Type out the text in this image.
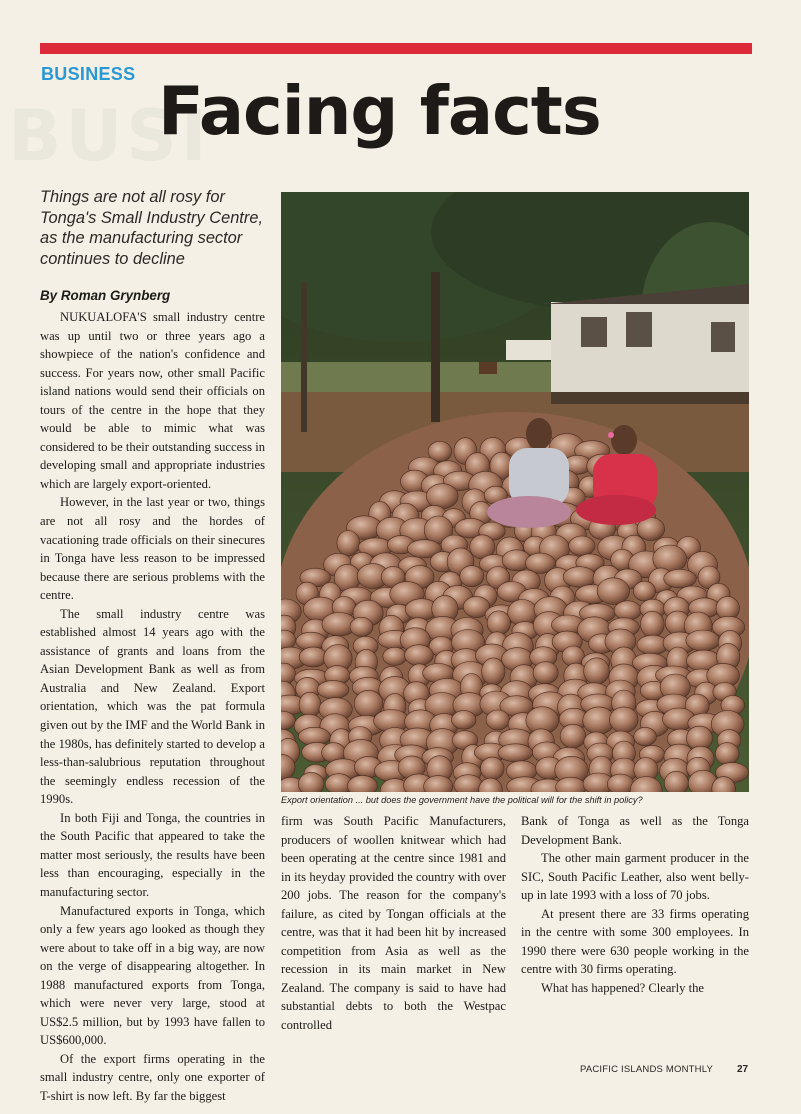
BUSI
BUSINESS Facing facts
Things are not all rosy for Tonga's Small Industry Centre, as the manufacturing sector continues to decline
By Roman Grynberg

NUKUALOFA'S small industry centre was up until two or three years ago a showpiece of the nation's confidence and success. For years now, other small Pacific island nations would send their officials on tours of the centre in the hope that they would be able to mimic what was considered to be their outstanding success in developing small and appropriate industries which are largely export-oriented.

However, in the last year or two, things are not all rosy and the hordes of vacationing trade officials on their sinecures in Tonga have less reason to be impressed because there are serious problems with the centre.

The small industry centre was established almost 14 years ago with the assistance of grants and loans from the Asian Development Bank as well as from Australia and New Zealand. Export orientation, which was the pat formula given out by the IMF and the World Bank in the 1980s, has definitely started to develop a less-than-salubrious reputation throughout the seemingly endless recession of the 1990s.

In both Fiji and Tonga, the countries in the South Pacific that appeared to take the matter most seriously, the results have been less than encouraging, especially in the manufacturing sector.

Manufactured exports in Tonga, which only a few years ago looked as though they were about to take off in a big way, are now on the verge of disappearing altogether. In 1988 manufactured exports from Tonga, which were never very large, stood at US$2.5 million, but by 1993 have fallen to US$600,000.

Of the export firms operating in the small industry centre, only one exporter of T-shirt is now left. By far the biggest

Export orientation ... but does the government have the political will for the shift in policy?

firm was South Pacific Manufacturers, producers of woollen knitwear which had been operating at the centre since 1981 and in its heyday provided the country with over 200 jobs. The reason for the company's failure, as cited by Tongan officials at the centre, was that it had been hit by increased competition from Asia as well as the recession in its main market in New Zealand. The company is said to have had substantial debts to both the Westpac controlled

Bank of Tonga as well as the Tonga Development Bank.

The other main garment producer in the SIC, South Pacific Leather, also went belly-up in late 1993 with a loss of 70 jobs.

At present there are 33 firms operating in the centre with some 300 employees. In 1990 there were 630 people working in the centre with 30 firms operating.

What has happened? Clearly the

PACIFIC ISLANDS MONTHLY 27
